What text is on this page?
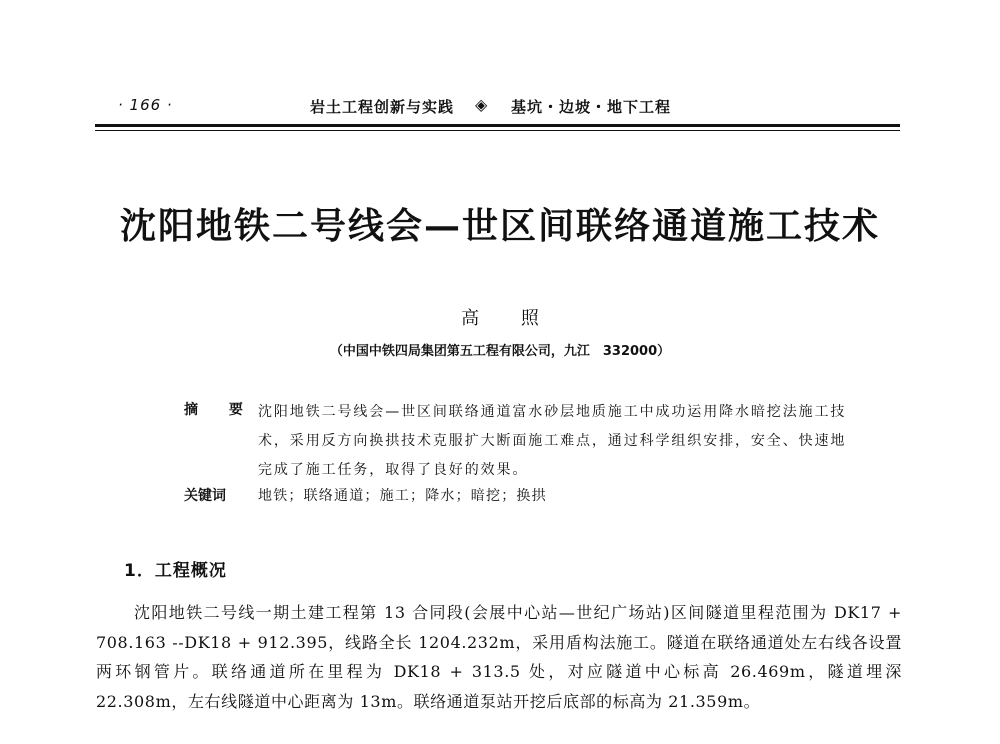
· 166 ·	岩土工程创新与实践 ◈ 基坑・边坡・地下工程
沈阳地铁二号线会—世区间联络通道施工技术
高 照
（中国中铁四局集团第五工程有限公司，九江　332000）
摘 要 沈阳地铁二号线会—世区间联络通道富水砂层地质施工中成功运用降水暗挖法施工技术，采用反方向换拱技术克服扩大断面施工难点，通过科学组织安排，安全、快速地完成了施工任务，取得了良好的效果。
关键词 地铁；联络通道；施工；降水；暗挖；换拱
1．工程概况
沈阳地铁二号线一期土建工程第 13 合同段(会展中心站—世纪广场站)区间隧道里程范围为 DK17 + 708.163 --DK18 + 912.395，线路全长 1204.232m，采用盾构法施工。隧道在联络通道处左右线各设置两环钢管片。联络通道所在里程为 DK18 + 313.5 处，对应隧道中心标高 26.469m，隧道埋深 22.308m，左右线隧道中心距离为 13m。联络通道泵站开挖后底部的标高为 21.359m。
